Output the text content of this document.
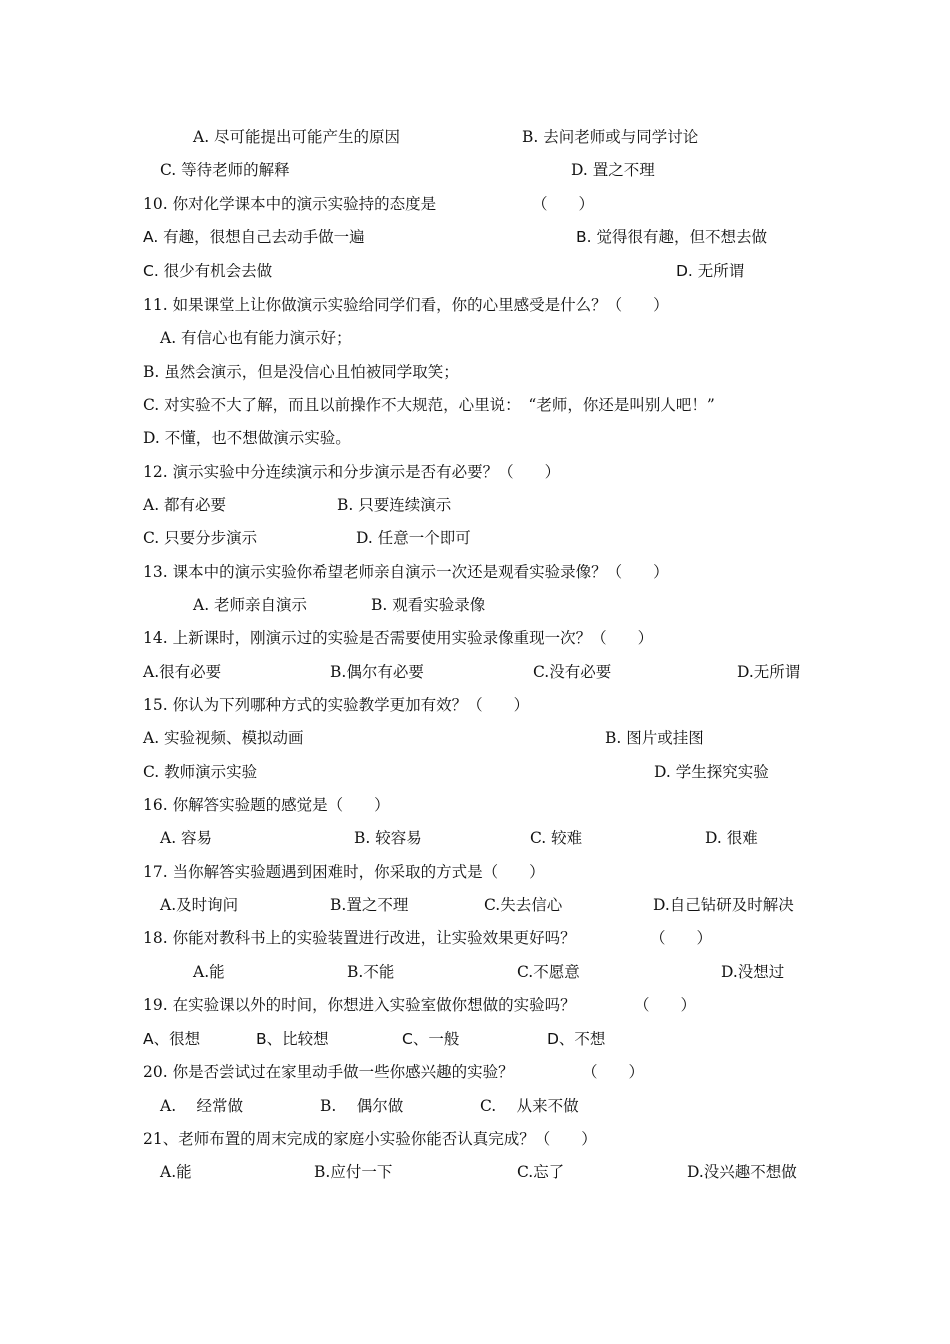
A. 尽可能提出可能产生的原因	B. 去问老师或与同学讨论
C. 等待老师的解释	D. 置之不理
10. 你对化学课本中的演示实验持的态度是	（　　）
A. 有趣，很想自己去动手做一遍	B. 觉得很有趣，但不想去做
C. 很少有机会去做	D. 无所谓
11. 如果课堂上让你做演示实验给同学们看，你的心里感受是什么？（　　）
A. 有信心也有能力演示好；
B. 虽然会演示，但是没信心且怕被同学取笑；
C. 对实验不大了解，而且以前操作不大规范，心里说：　“老师，你还是叫别人吧！”
D. 不懂，也不想做演示实验。
12. 演示实验中分连续演示和分步演示是否有必要？（　　）
A. 都有必要	B. 只要连续演示
C. 只要分步演示	D. 任意一个即可
13. 课本中的演示实验你希望老师亲自演示一次还是观看实验录像？（　　）
A. 老师亲自演示	B. 观看实验录像
14. 上新课时，刚演示过的实验是否需要使用实验录像重现一次？（　　）
A.很有必要	B.偶尔有必要	C.没有必要	D.无所谓
15. 你认为下列哪种方式的实验教学更加有效？（　　）
A. 实验视频、模拟动画	B. 图片或挂图
C. 教师演示实验	D. 学生探究实验
16. 你解答实验题的感觉是（　　）
A. 容易	B. 较容易	C. 较难	D. 很难
17. 当你解答实验题遇到困难时，你采取的方式是（　　）
A.及时询问	B.置之不理	C.失去信心	D.自己钻研及时解决
18. 你能对教科书上的实验装置进行改进，让实验效果更好吗？	（　　）
A.能	B.不能	C.不愿意	D.没想过
19. 在实验课以外的时间，你想进入实验室做你想做的实验吗？	（　　）
A、很想	B、比较想	C、一般	D、不想
20. 你是否尝试过在家里动手做一些你感兴趣的实验？	（　　）
A.　 经常做	B.　 偶尔做	C.　 从来不做
21、老师布置的周末完成的家庭小实验你能否认真完成？（　　）
A.能	B.应付一下	C.忘了	D.没兴趣不想做
